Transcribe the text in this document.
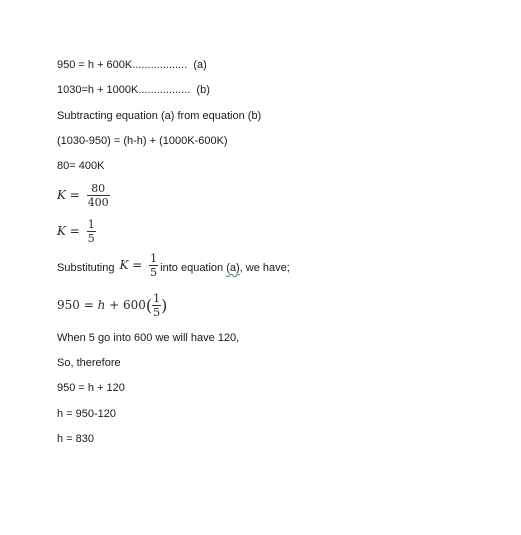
950 = h + 600K..................  (a)
1030=h + 1000K.................  (b)
Subtracting equation (a) from equation (b)
(1030-950) = (h-h) + (1000K-600K)
80= 400K
$K = \frac{80}{400}$
$K = \frac{1}{5}$
Substituting $K = \frac{1}{5}$ into equation (a) , we have;
$950 = h + 600( \frac{1}{5}$ )
When 5 go into 600 we will have 120,
So, therefore
950 = h + 120
h = 950-120
h = 830
